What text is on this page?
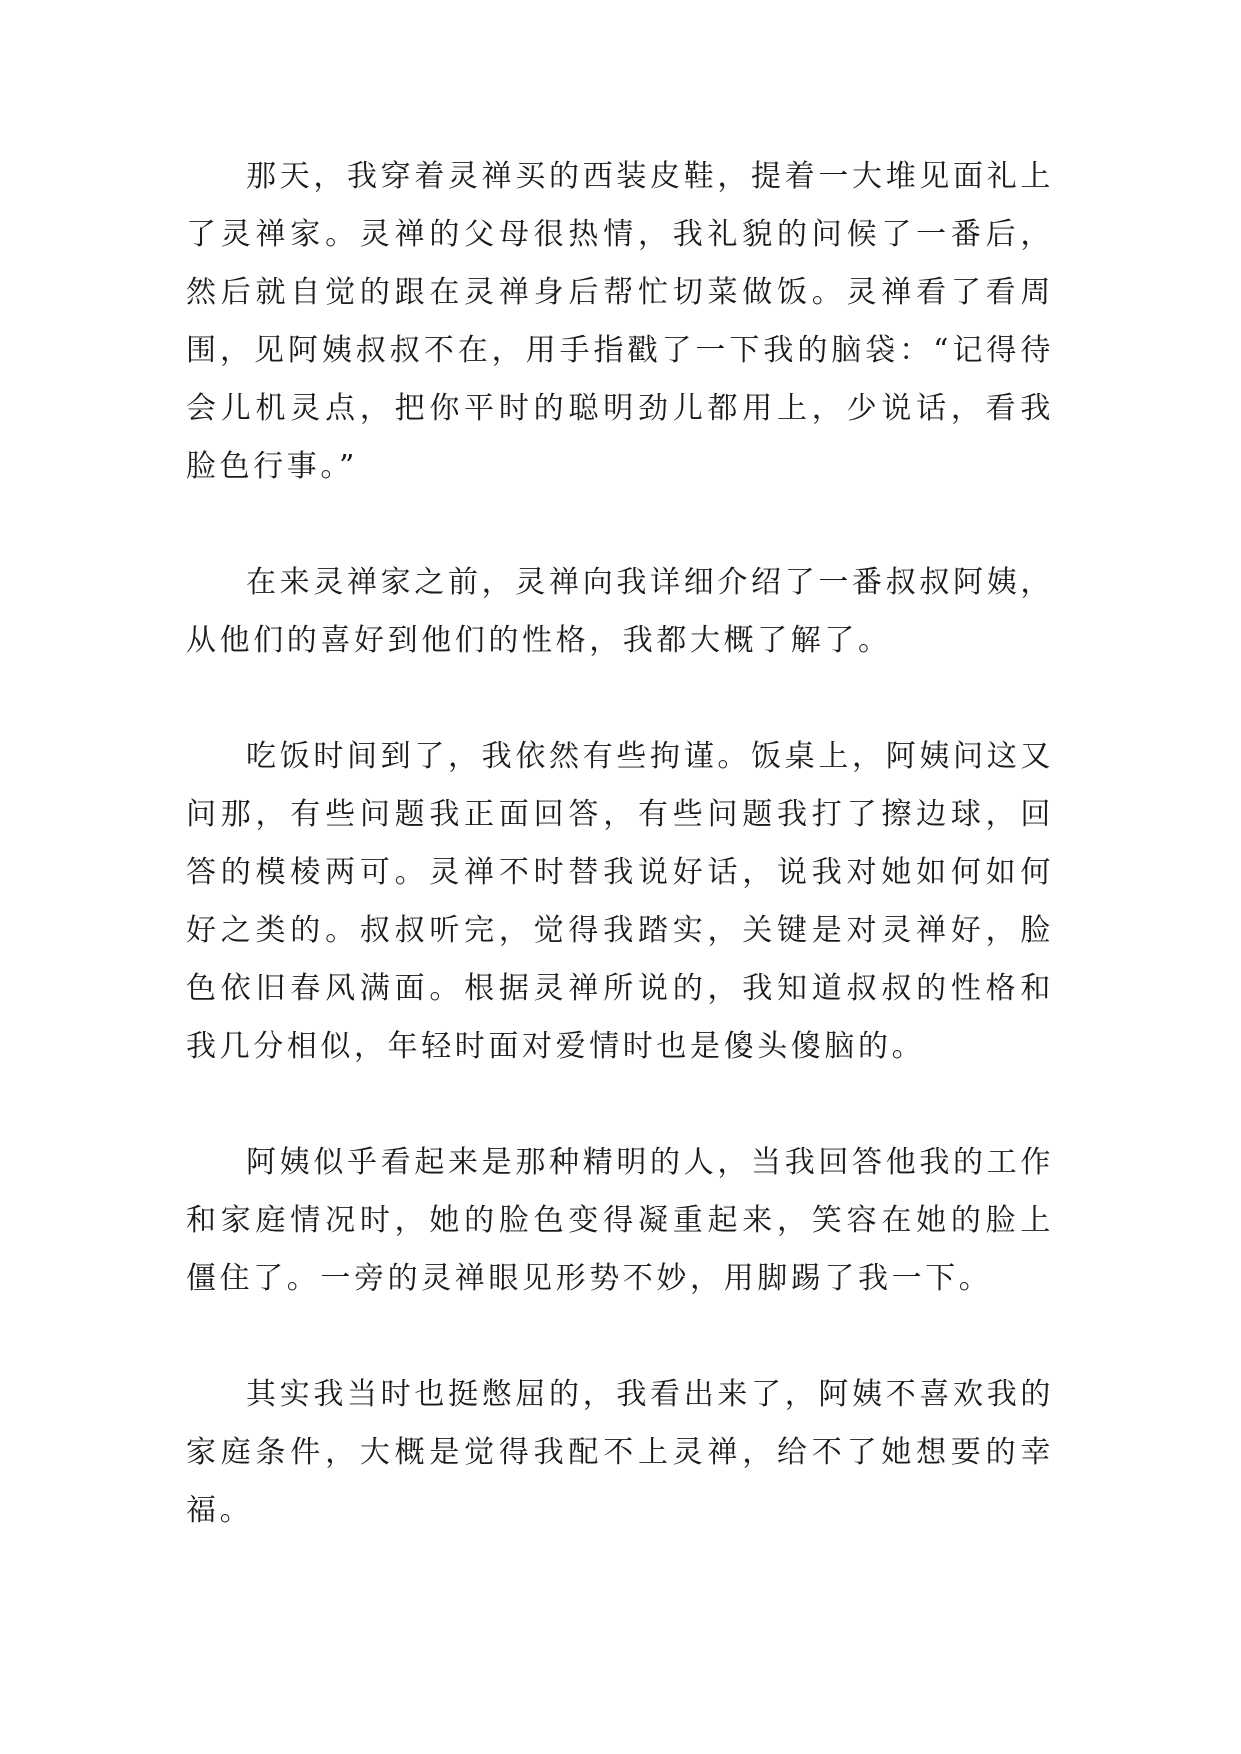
那天，我穿着灵禅买的西装皮鞋，提着一大堆见面礼上了灵禅家。灵禅的父母很热情，我礼貌的问候了一番后，然后就自觉的跟在灵禅身后帮忙切菜做饭。灵禅看了看周围，见阿姨叔叔不在，用手指戳了一下我的脑袋：“记得待会儿机灵点，把你平时的聪明劲儿都用上，少说话，看我脸色行事。”

在来灵禅家之前，灵禅向我详细介绍了一番叔叔阿姨，从他们的喜好到他们的性格，我都大概了解了。

吃饭时间到了，我依然有些拘谨。饭桌上，阿姨问这又问那，有些问题我正面回答，有些问题我打了擦边球，回答的模棱两可。灵禅不时替我说好话，说我对她如何如何好之类的。叔叔听完，觉得我踏实，关键是对灵禅好，脸色依旧春风满面。根据灵禅所说的，我知道叔叔的性格和我几分相似，年轻时面对爱情时也是傻头傻脑的。

阿姨似乎看起来是那种精明的人，当我回答他我的工作和家庭情况时，她的脸色变得凝重起来，笑容在她的脸上僵住了。一旁的灵禅眼见形势不妙，用脚踢了我一下。

其实我当时也挺憋屈的，我看出来了，阿姨不喜欢我的家庭条件，大概是觉得我配不上灵禅，给不了她想要的幸福。
